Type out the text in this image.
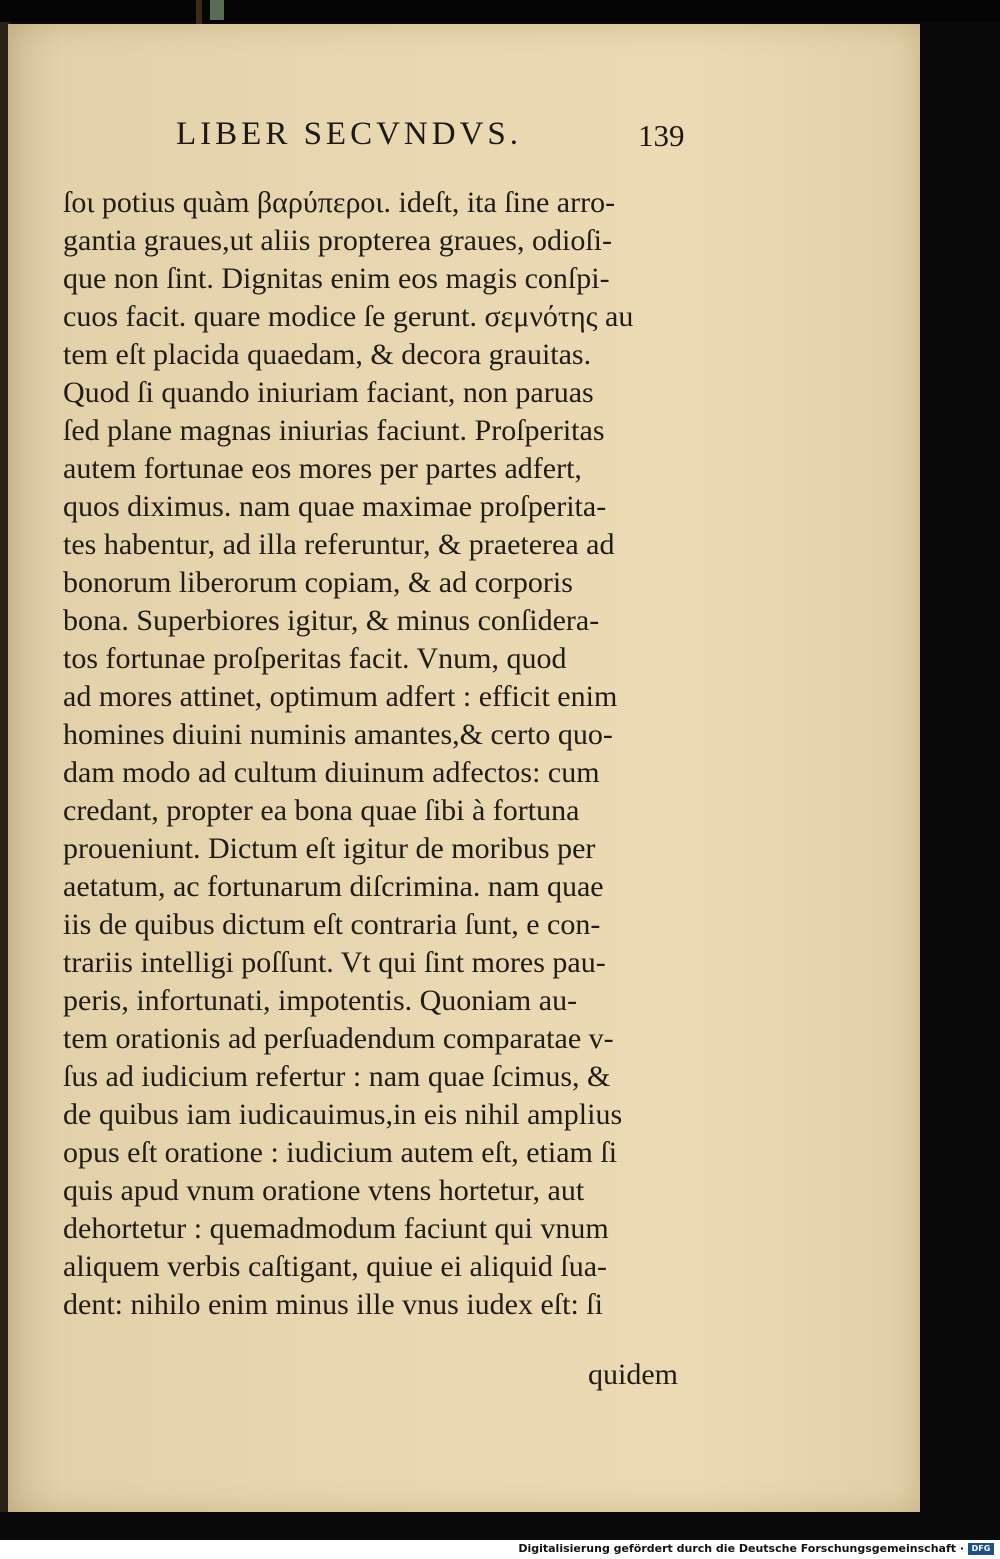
LIBER SECVNDVS.	139
ſοι potius quàm βαρύπεροι. ideſt, ita ſine arro-
gantia graues,ut aliis propterea graues, odioſi-
que non ſint. Dignitas enim eos magis conſpi-
cuos facit. quare modice ſe gerunt. σεμνότης au
tem eſt placida quaedam, & decora grauitas.
Quod ſi quando iniuriam faciant, non paruas
ſed plane magnas iniurias faciunt. Proſperitas
autem fortunae eos mores per partes adfert,
quos diximus. nam quae maximae proſperita-
tes habentur, ad illa referuntur, & praeterea ad
bonorum liberorum copiam, & ad corporis
bona. Superbiores igitur, & minus conſidera-
tos fortunae proſperitas facit. Vnum, quod
ad mores attinet, optimum adfert : efficit enim
homines diuini numinis amantes,& certo quo-
dam modo ad cultum diuinum adfectos: cum
credant, propter ea bona quae ſibi à fortuna
proueniunt. Dictum eſt igitur de moribus per
aetatum, ac fortunarum diſcrimina. nam quae
iis de quibus dictum eſt contraria ſunt, e con-
trariis intelligi poſſunt. Vt qui ſint mores pau-
peris, infortunati, impotentis. Quoniam au-
tem orationis ad perſuadendum comparatae v-
ſus ad iudicium refertur : nam quae ſcimus, &
de quibus iam iudicauimus,in eis nihil amplius
opus eſt oratione : iudicium autem eſt, etiam ſi
quis apud vnum oratione vtens hortetur, aut
dehortetur : quemadmodum faciunt qui vnum
aliquem verbis caſtigant, quiue ei aliquid ſua-
dent: nihilo enim minus ille vnus iudex eſt: ſi
quidem
Digitalisierung gefördert durch die Deutsche Forschungsgemeinschaft · DFG
